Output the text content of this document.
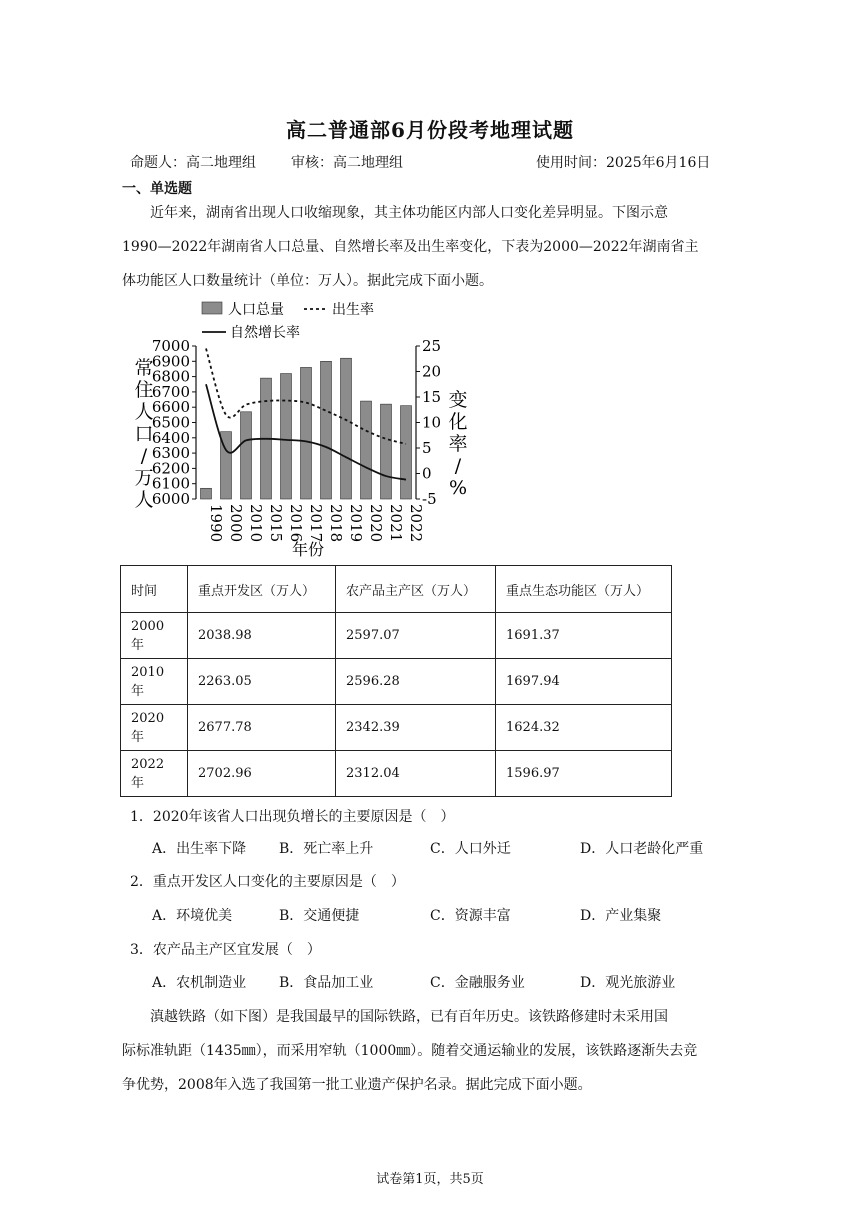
高二普通部6月份段考地理试题
命题人：高二地理组	审核：高二地理组	使用时间：2025年6月16日
一、单选题

近年来，湖南省出现人口收缩现象，其主体功能区内部人口变化差异明显。下图示意

1990—2022年湖南省人口总量、自然增长率及出生率变化，下表为2000—2022年湖南省主

体功能区人口数量统计（单位：万人）。据此完成下面小题。

7000
6900
6800
6700
6600
6500
6400
6300
6200
6100
6000
25
20
15
10
5
0
-5
1990 2000 2010 2015 2016 2017 2018 2019 2020 2021 2022
年份
常
住
人
口
/
万
人
变
化
率
/
%
人口总量	出生率
自然增长率
时间	重点开发区（万人）	农产品主产区（万人）	重点生态功能区（万人）
2000年	2038.98	2597.07	1691.37
2010年	2263.05	2596.28	1697.94
2020年	2677.78	2342.39	1624.32
2022年	2702.96	2312.04	1596.97
1．2020年该省人口出现负增长的主要原因是（　）
A．出生率下降 B．死亡率上升	C．人口外迁	D．人口老龄化严重
2．重点开发区人口变化的主要原因是（　）
A．环境优美	B．交通便捷	C．资源丰富	D．产业集聚
3．农产品主产区宜发展（　）
A．农机制造业 B．食品加工业	C．金融服务业	D．观光旅游业

滇越铁路（如下图）是我国最早的国际铁路，已有百年历史。该铁路修建时未采用国

际标准轨距（1435㎜），而采用窄轨（1000㎜）。随着交通运输业的发展，该铁路逐渐失去竞

争优势，2008年入选了我国第一批工业遗产保护名录。据此完成下面小题。

试卷第1页，共5页
